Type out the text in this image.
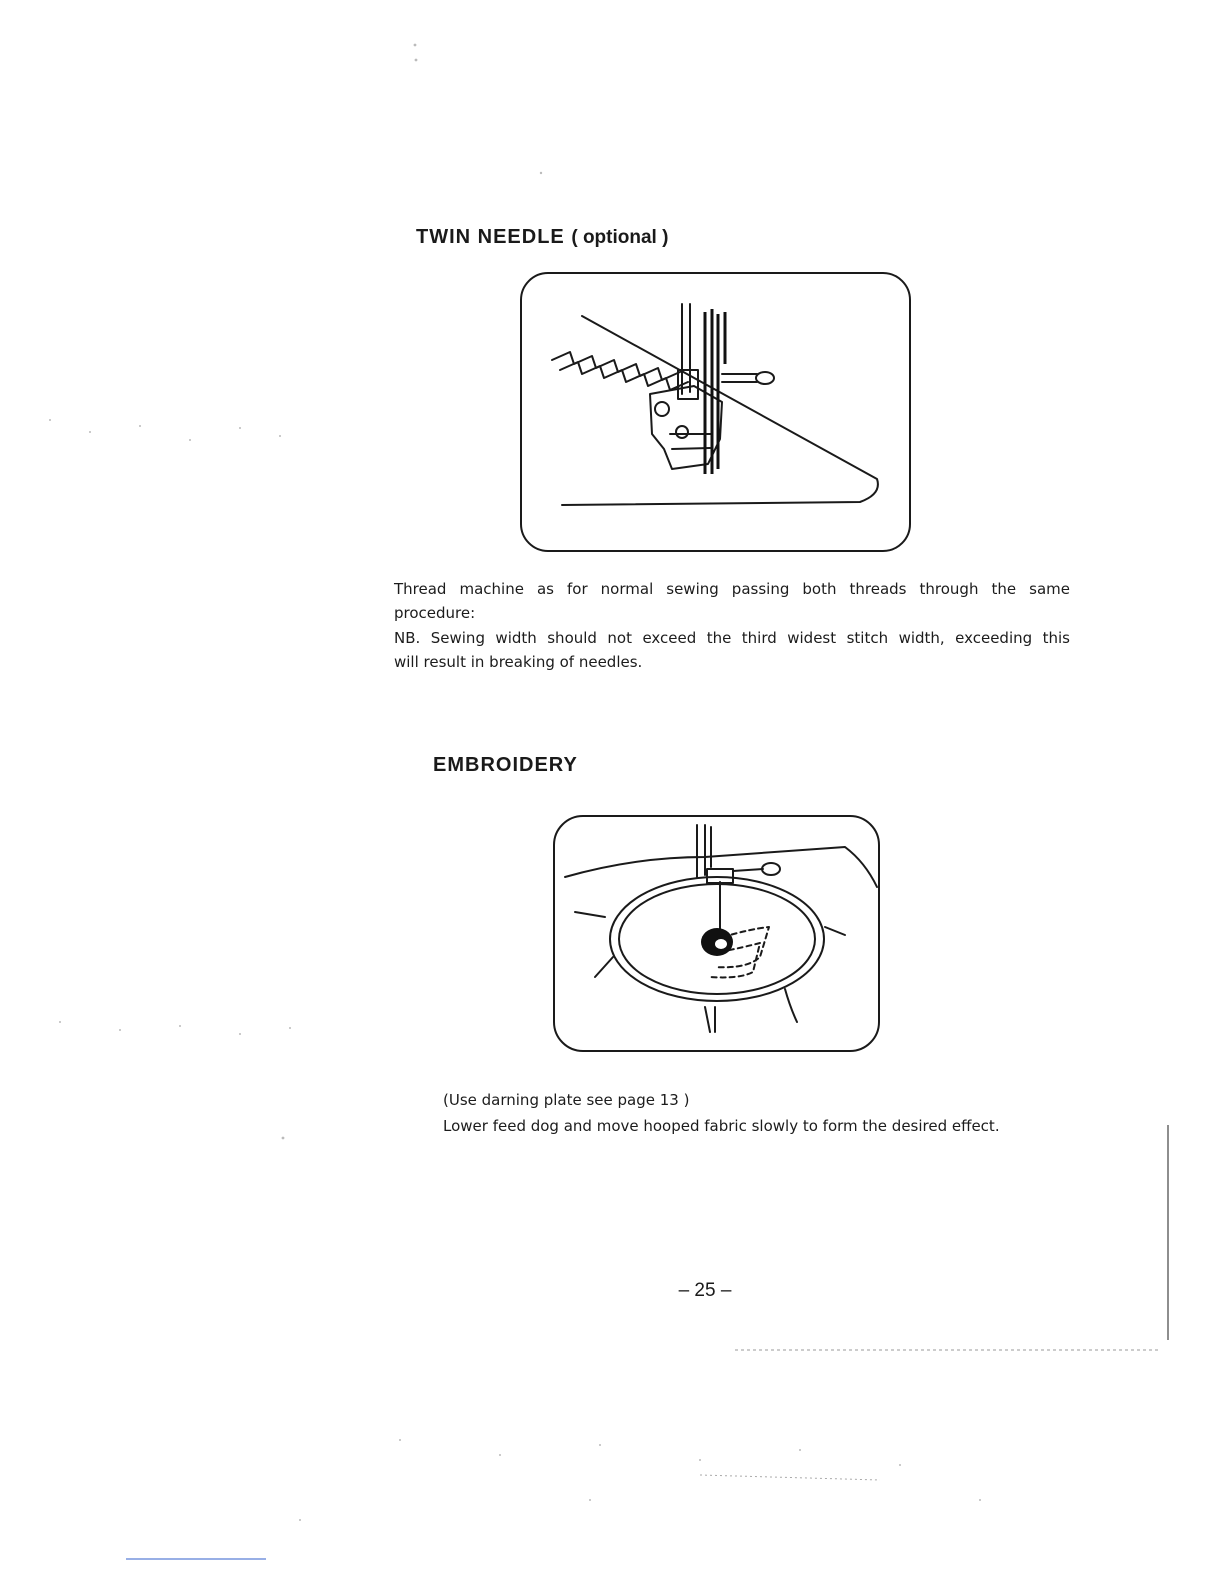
TWIN NEEDLE ( optional )

Thread machine as for normal sewing passing both threads through the same

procedure:

NB. Sewing width should not exceed the third widest stitch width, exceeding this

will result in breaking of needles.

EMBROIDERY

(Use darning plate see page 13 )

Lower feed dog and move hooped fabric slowly to form the desired effect.

– 25 –
